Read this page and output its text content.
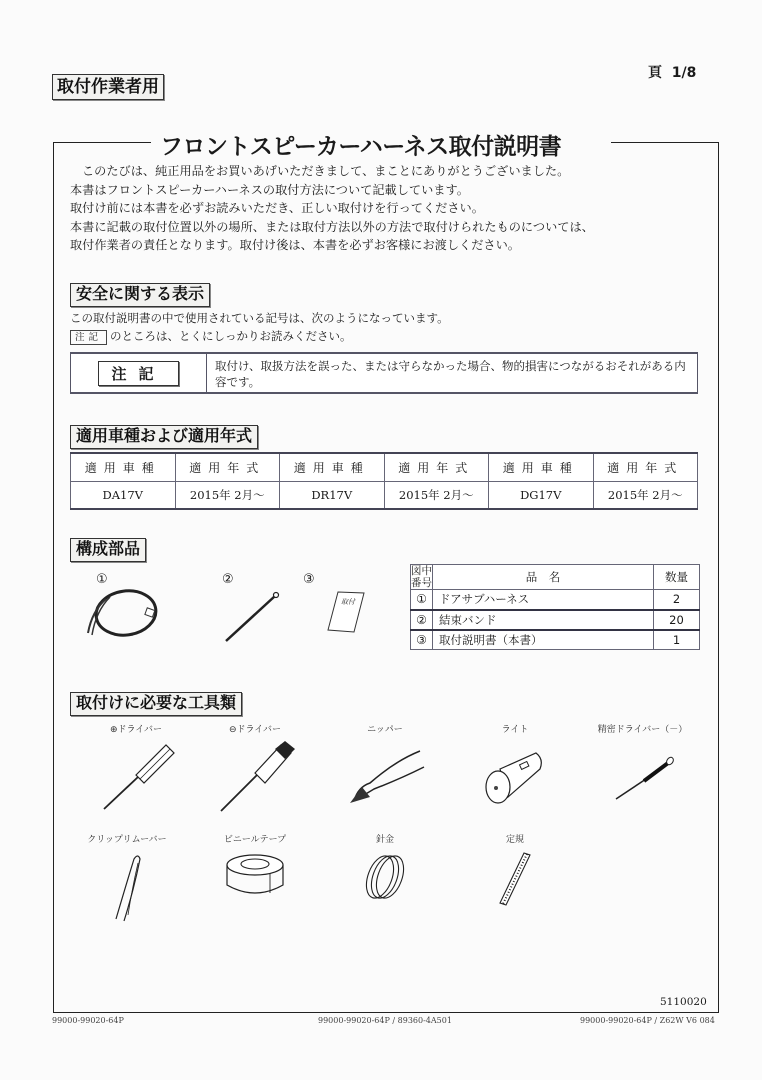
取付作業者用
頁 1/8
フロントスピーカーハーネス取付説明書

このたびは、純正用品をお買いあげいただきまして、まことにありがとうございました。

本書はフロントスピーカーハーネスの取付方法について記載しています。

取付け前には本書を必ずお読みいただき、正しい取付けを行ってください。

本書に記載の取付位置以外の場所、または取付方法以外の方法で取付けられたものについては、

取付作業者の責任となります。取付け後は、本書を必ずお客様にお渡しください。

安全に関する表示
この取付説明書の中で使用されている記号は、次のようになっています。
注記 のところは、とくにしっかりお読みください。
注記	取付け、取扱方法を誤った、または守らなかった場合、物的損害につながるおそれがある内容です。
適用車種および適用年式
適用車種	適用年式	適用車種	適用年式	適用車種	適用年式
DA17V	2015年 2月～	DR17V	2015年 2月～	DG17V	2015年 2月～
構成部品
①	②	③
取付
図中
番号	品　名	数量
①	ドアサブハーネス	2
②	結束バンド	20
③	取付説明書（本書）	1
取付けに必要な工具類
⊕ドライバー	⊖ドライバー	ニッパー	ライト	精密ドライバー（－）
クリップリムーバー	ビニールテープ	針金	定規
5110020
99000-99020-64P	99000-99020-64P / 89360-4A501	99000-99020-64P / Z62W V6 084
